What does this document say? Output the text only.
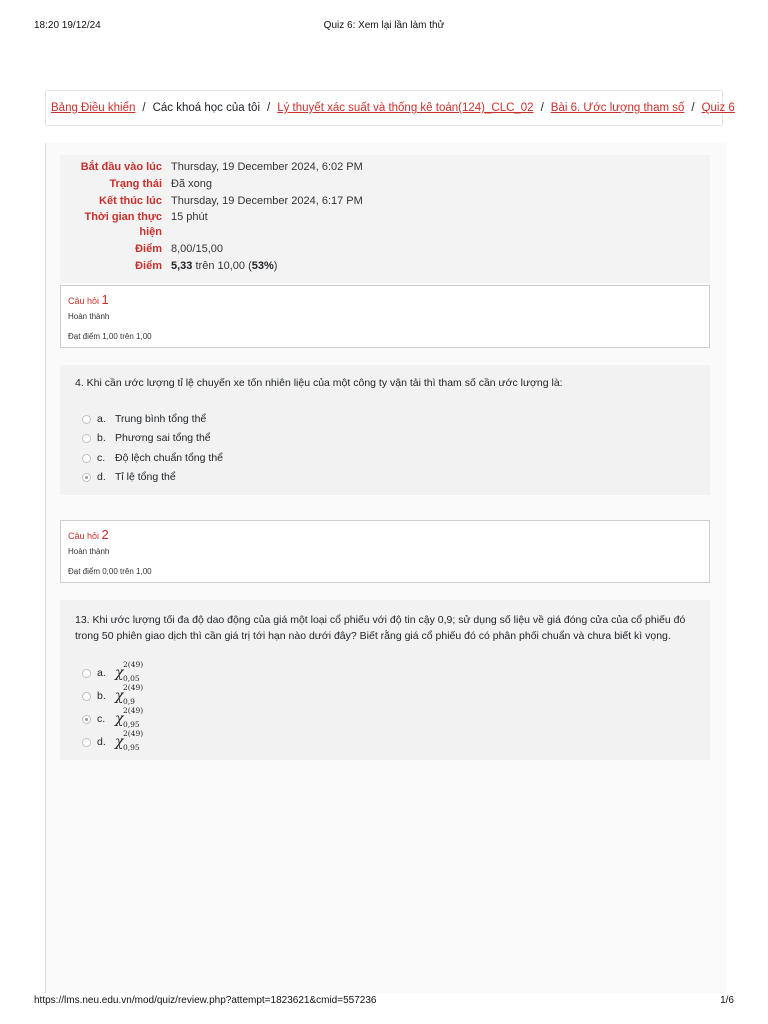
18:20 19/12/24	Quiz 6: Xem lại lần làm thử
Bảng Điều khiển / Các khoá học của tôi / Lý thuyết xác suất và thống kê toán(124)_CLC_02 / Bài 6. Ước lượng tham số / Quiz 6
Bắt đầu vào lúc Thursday, 19 December 2024, 6:02 PM
Trạng thái Đã xong
Kết thúc lúc Thursday, 19 December 2024, 6:17 PM
Thời gian thực 15 phút
hiện
Điểm 8,00/15,00
Điểm 5,33 trên 10,00 (53%)
Câu hỏi 1
Hoàn thành
Đạt điểm 1,00 trên 1,00
4. Khi cần ước lượng tỉ lệ chuyến xe tốn nhiên liệu của một công ty vận tải thì tham số cần ước lượng là:
a. Trung bình tổng thể
b. Phương sai tổng thể
c. Độ lệch chuẩn tổng thể
d. Tỉ lệ tổng thể
Câu hỏi 2
Hoàn thành
Đạt điểm 0,00 trên 1,00
13. Khi ước lượng tối đa độ dao động của giá một loại cổ phiếu với độ tin cậy 0,9; sử dụng số liệu về giá đóng cửa của cổ phiếu đó
trong 50 phiên giao dịch thì cần giá trị tới hạn nào dưới đây? Biết rằng giá cổ phiếu đó có phân phối chuẩn và chưa biết kì vọng.
a. χ
2(49)
0,05
b. χ
2(49)
0,9
c. χ
2(49)
0,95
d. χ
2(49)
0,95
https://lms.neu.edu.vn/mod/quiz/review.php?attempt=1823621&cmid=557236	1/6
